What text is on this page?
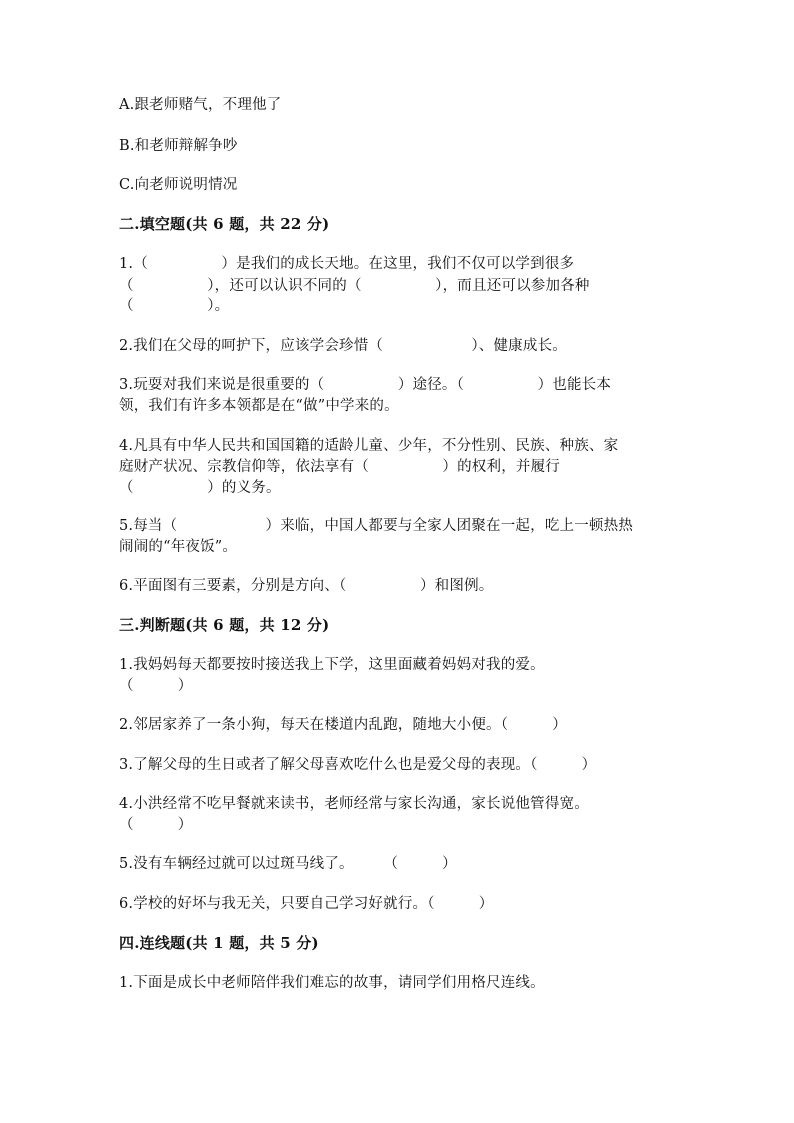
A.跟老师赌气，不理他了
B.和老师辩解争吵
C.向老师说明情况
二.填空题(共 6 题，共 22 分)
1.（　　　　　）是我们的成长天地。在这里，我们不仅可以学到很多
（　　　　　），还可以认识不同的（　　　　　），而且还可以参加各种
（　　　　　）。
2.我们在父母的呵护下，应该学会珍惜（　　　　　　）、健康成长。
3.玩耍对我们来说是很重要的（　　　　　）途径。（　　　　　）也能长本
领，我们有许多本领都是在“做”中学来的。
4.凡具有中华人民共和国国籍的适龄儿童、少年，不分性别、民族、种族、家
庭财产状况、宗教信仰等，依法享有（　　　　　）的权利，并履行
（　　　　　）的义务。
5.每当（　　　　　　）来临，中国人都要与全家人团聚在一起，吃上一顿热热
闹闹的“年夜饭”。
6.平面图有三要素，分别是方向、（　　　　　）和图例。
三.判断题(共 6 题，共 12 分)
1.我妈妈每天都要按时接送我上下学，这里面藏着妈妈对我的爱。
（　　　）
2.邻居家养了一条小狗，每天在楼道内乱跑，随地大小便。（　　　）
3.了解父母的生日或者了解父母喜欢吃什么也是爱父母的表现。（　　　）
4.小洪经常不吃早餐就来读书，老师经常与家长沟通，家长说他管得宽。
（　　　）
5.没有车辆经过就可以过斑马线了。　　　（　　　）
6.学校的好坏与我无关，只要自己学习好就行。（　　　）
四.连线题(共 1 题，共 5 分)
1.下面是成长中老师陪伴我们难忘的故事，请同学们用格尺连线。
